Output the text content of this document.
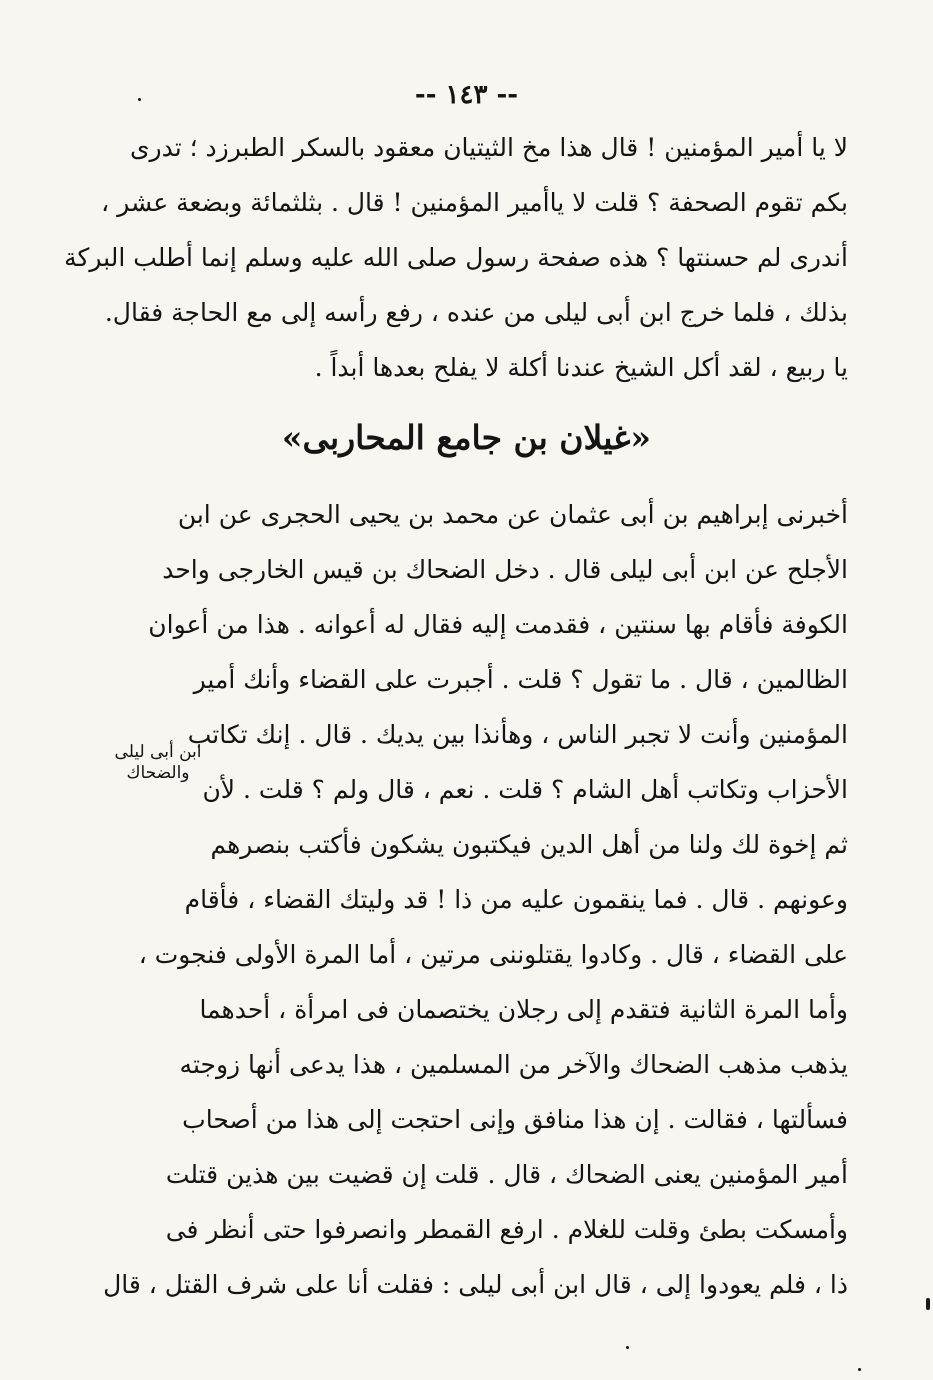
-- ١٤٣ --
لا يا أمير المؤمنين ! قال هذا مخ الثيتيان معقود بالسكر الطبرزد ؛ تدرى
بكم تقوم الصحفة ؟ قلت لا ياأمير المؤمنين ! قال . بثلثمائة وبضعة عشر ،
أندرى لم حسنتها ؟ هذه صفحة رسول صلى الله عليه وسلم إنما أطلب البركة
بذلك ، فلما خرج ابن أبى ليلى من عنده ، رفع رأسه إلى مع الحاجة فقال.
يا ربيع ، لقد أكل الشيخ عندنا أكلة لا يفلح بعدها أبداً .
«غيلان بن جامع المحاربى»
ابن أبى ليلى
والضحاك
أخبرنى إبراهيم بن أبى عثمان عن محمد بن يحيى الحجرى عن ابن
الأجلح عن ابن أبى ليلى قال . دخل الضحاك بن قيس الخارجى واحد
الكوفة فأقام بها سنتين ، فقدمت إليه فقال له أعوانه . هذا من أعوان
الظالمين ، قال . ما تقول ؟ قلت . أجبرت على القضاء وأنك أمير
المؤمنين وأنت لا تجبر الناس ، وهأنذا بين يديك . قال . إنك تكاتب
الأحزاب وتكاتب أهل الشام ؟ قلت . نعم ، قال ولم ؟ قلت . لأن
ثم إخوة لك ولنا من أهل الدين فيكتبون يشكون فأكتب بنصرهم
وعونهم . قال . فما ينقمون عليه من ذا ! قد وليتك القضاء ، فأقام
على القضاء ، قال . وكادوا يقتلوننى مرتين ، أما المرة الأولى فنجوت ،
وأما المرة الثانية فتقدم إلى رجلان يختصمان فى امرأة ، أحدهما
يذهب مذهب الضحاك والآخر من المسلمين ، هذا يدعى أنها زوجته
فسألتها ، فقالت . إن هذا منافق وإنى احتجت إلى هذا من أصحاب
أمير المؤمنين يعنى الضحاك ، قال . قلت إن قضيت بين هذين قتلت
وأمسكت بطئ وقلت للغلام . ارفع القمطر وانصرفوا حتى أنظر فى
ذا ، فلم يعودوا إلى ، قال ابن أبى ليلى : فقلت أنا على شرف القتل ، قال
